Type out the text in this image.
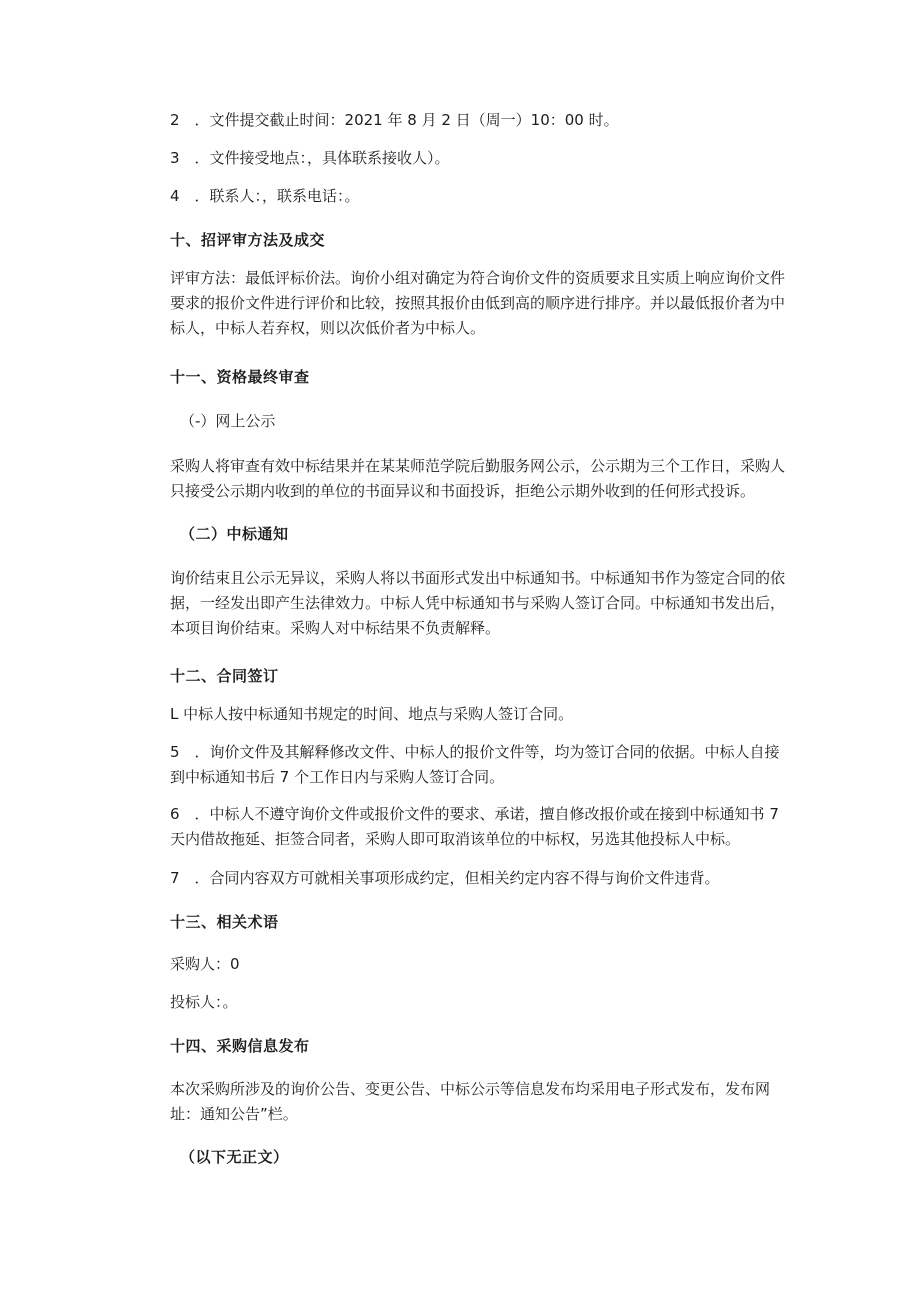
2　．文件提交截止时间：2021 年 8 月 2 日（周一）10：00 时。

3　．文件接受地点：，具体联系接收人）。

4　．联系人：，联系电话：。

十、招评审方法及成交

评审方法：最低评标价法。询价小组对确定为符合询价文件的资质要求且实质上响应询价文件要求的报价文件进行评价和比较，按照其报价由低到高的顺序进行排序。并以最低报价者为中标人，中标人若弃权，则以次低价者为中标人。

十一、资格最终审查

（-）网上公示

采购人将审查有效中标结果并在某某师范学院后勤服务网公示，公示期为三个工作日，采购人只接受公示期内收到的单位的书面异议和书面投诉，拒绝公示期外收到的任何形式投诉。

（二）中标通知

询价结束且公示无异议，采购人将以书面形式发出中标通知书。中标通知书作为签定合同的依据，一经发出即产生法律效力。中标人凭中标通知书与采购人签订合同。中标通知书发出后，本项目询价结束。采购人对中标结果不负责解释。

十二、合同签订

L 中标人按中标通知书规定的时间、地点与采购人签订合同。

5　．询价文件及其解释修改文件、中标人的报价文件等，均为签订合同的依据。中标人自接到中标通知书后 7 个工作日内与采购人签订合同。

6　．中标人不遵守询价文件或报价文件的要求、承诺，擅自修改报价或在接到中标通知书 7 天内借故拖延、拒签合同者，采购人即可取消该单位的中标权，另选其他投标人中标。

7　．合同内容双方可就相关事项形成约定，但相关约定内容不得与询价文件违背。

十三、相关术语

采购人：0

投标人：。

十四、采购信息发布

本次采购所涉及的询价公告、变更公告、中标公示等信息发布均采用电子形式发布，发布网址：通知公告”栏。

（以下无正文）
